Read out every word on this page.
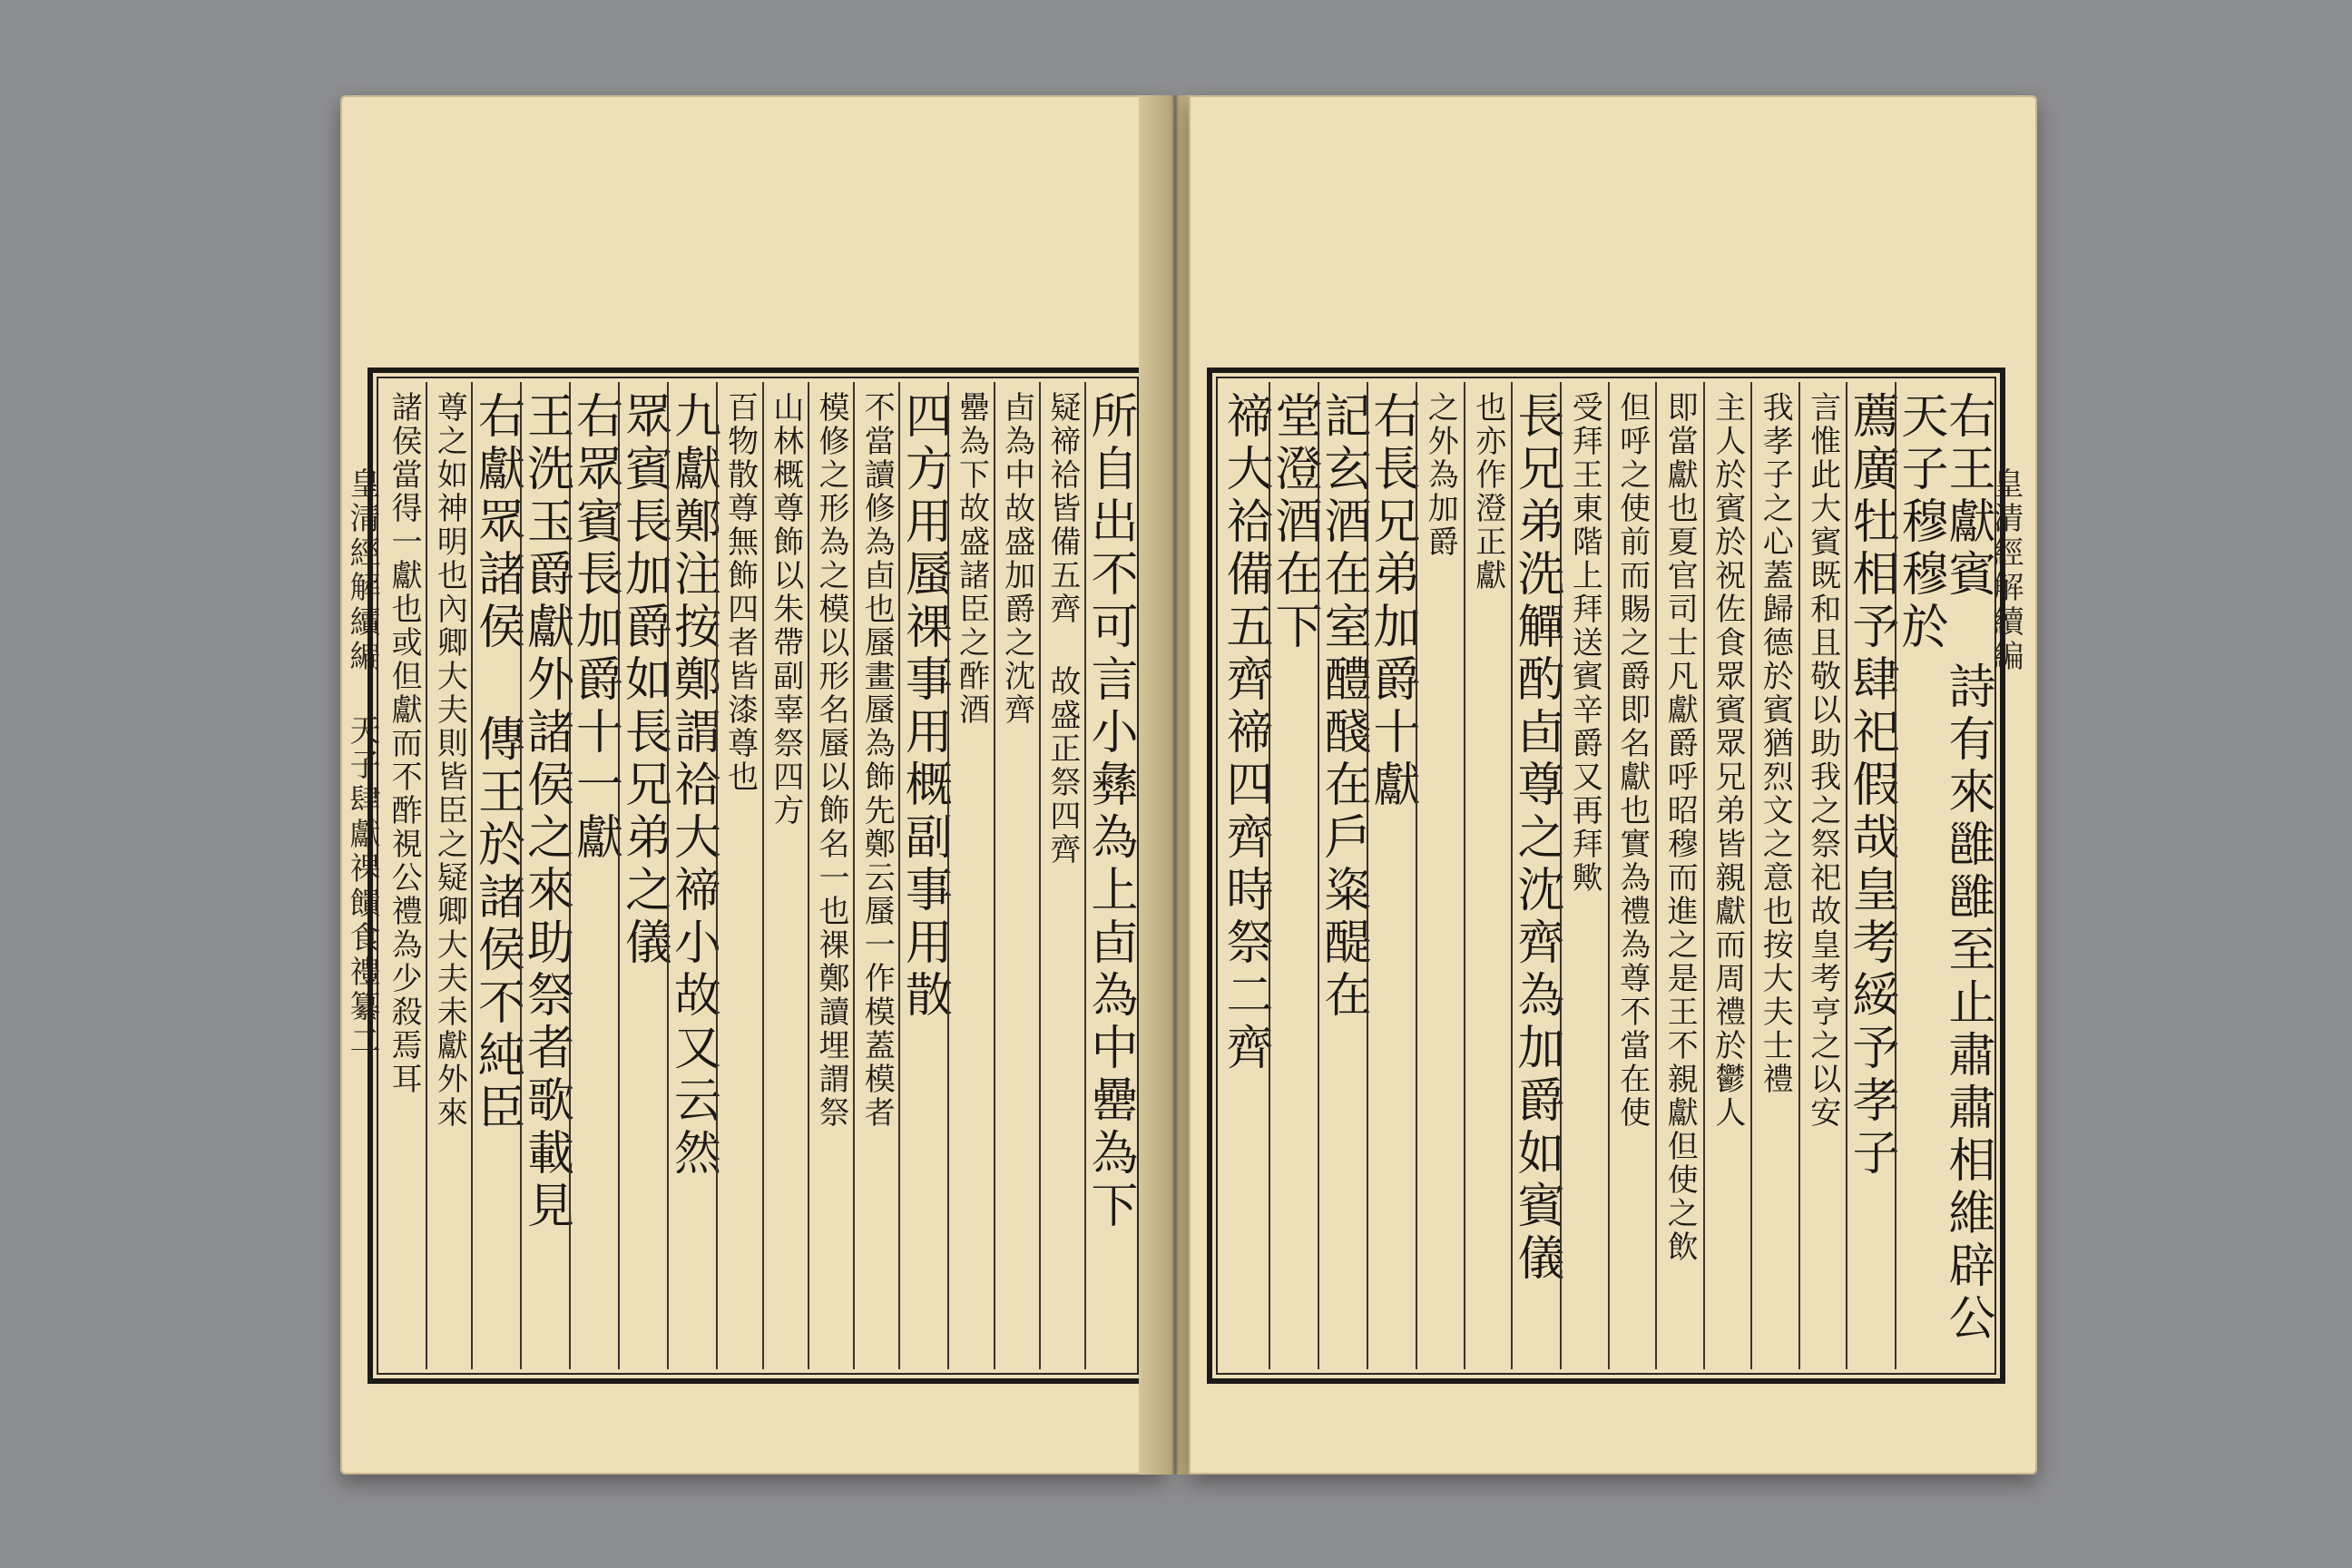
皇清經解續編 天子肆獻祼饋食禮纂二	所自出不可言小彝為上卣為中罍為下
疑禘祫皆備五齊 故盛正祭四齊
卣為中故盛加爵之沈齊
罍為下故盛諸臣之酢酒
四方用蜃祼事用概副事用散
不當讀修為卣也蜃畫蜃為飾先鄭云蜃一作模蓋模者
模修之形為之模以形名蜃以飾名一也祼鄭讀埋謂祭
山林概尊飾以朱帶副辜祭四方
百物散尊無飾四者皆漆尊也
九獻鄭注按鄭謂祫大禘小故又云然
眾賓長加爵如長兄弟之儀
右眾賓長加爵十一獻
王洗玉爵獻外諸侯之來助祭者歌載見
右獻眾諸侯 傳王於諸侯不純臣
尊之如神明也內卿大夫則皆臣之疑卿大夫未獻外來
諸侯當得一獻也或但獻而不酢視公禮為少殺焉耳	皇清經解續編
右王獻賓 詩有來雝雝至止肅肅相維辟公天子穆穆於
薦廣牡相予肆祀假哉皇考綏予孝子
言惟此大賓既和且敬以助我之祭祀故皇考亨之以安
我孝子之心蓋歸德於賓猶烈文之意也按大夫士禮
主人於賓於祝佐食眾賓眾兄弟皆親獻而周禮於鬱人
即當獻也夏官司士凡獻爵呼昭穆而進之是王不親獻但使之飲
但呼之使前而賜之爵即名獻也實為禮為尊不當在使
受拜王東階上拜送賓辛爵又再拜歟
長兄弟洗觶酌卣尊之沈齊為加爵如賓儀
也亦作澄正獻
之外為加爵
右長兄弟加爵十獻
記玄酒在室醴醆在戶粢醍在
堂澄酒在下
禘大祫備五齊禘四齊時祭二齊
